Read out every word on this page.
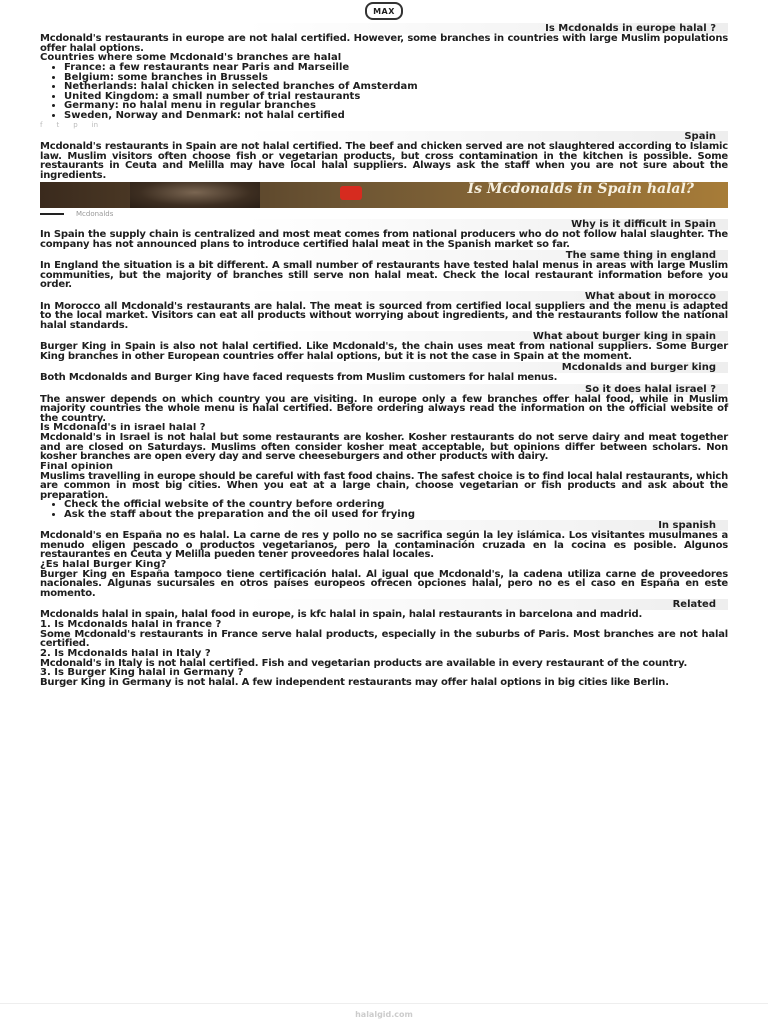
MAX
Is Mcdonalds in europe halal ?

Mcdonald's restaurants in europe are not halal certified. However, some branches in countries with large Muslim populations offer halal options.

Countries where some Mcdonald's branches are halal
• France: a few restaurants near Paris and Marseille
• Belgium: some branches in Brussels
• Netherlands: halal chicken in selected branches of Amsterdam
• United Kingdom: a small number of trial restaurants
• Germany: no halal menu in regular branches
• Sweden, Norway and Denmark: not halal certified
f t p in
Spain

Mcdonald's restaurants in Spain are not halal certified. The beef and chicken served are not slaughtered according to Islamic law. Muslim visitors often choose fish or vegetarian products, but cross contamination in the kitchen is possible. Some restaurants in Ceuta and Melilla may have local halal suppliers. Always ask the staff when you are not sure about the ingredients.

Is Mcdonalds in Spain halal?
Mcdonalds
Why is it difficult in Spain

In Spain the supply chain is centralized and most meat comes from national producers who do not follow halal slaughter. The company has not announced plans to introduce certified halal meat in the Spanish market so far.

The same thing in england

In England the situation is a bit different. A small number of restaurants have tested halal menus in areas with large Muslim communities, but the majority of branches still serve non halal meat. Check the local restaurant information before you order.

What about in morocco

In Morocco all Mcdonald's restaurants are halal. The meat is sourced from certified local suppliers and the menu is adapted to the local market. Visitors can eat all products without worrying about ingredients, and the restaurants follow the national halal standards.

What about burger king in spain

Burger King in Spain is also not halal certified. Like Mcdonald's, the chain uses meat from national suppliers. Some Burger King branches in other European countries offer halal options, but it is not the case in Spain at the moment.

Mcdonalds and burger king

Both Mcdonalds and Burger King have faced requests from Muslim customers for halal menus.

So it does halal israel ?

The answer depends on which country you are visiting. In europe only a few branches offer halal food, while in Muslim majority countries the whole menu is halal certified. Before ordering always read the information on the official website of the country.

Is Mcdonald's in israel halal ?

Mcdonald's in Israel is not halal but some restaurants are kosher. Kosher restaurants do not serve dairy and meat together and are closed on Saturdays. Muslims often consider kosher meat acceptable, but opinions differ between scholars. Non kosher branches are open every day and serve cheeseburgers and other products with dairy.

Final opinion

Muslims travelling in europe should be careful with fast food chains. The safest choice is to find local halal restaurants, which are common in most big cities. When you eat at a large chain, choose vegetarian or fish products and ask about the preparation.

• Check the official website of the country before ordering
• Ask the staff about the preparation and the oil used for frying
In spanish

Mcdonald's en España no es halal. La carne de res y pollo no se sacrifica según la ley islámica. Los visitantes musulmanes a menudo eligen pescado o productos vegetarianos, pero la contaminación cruzada en la cocina es posible. Algunos restaurantes en Ceuta y Melilla pueden tener proveedores halal locales.

¿Es halal Burger King?

Burger King en España tampoco tiene certificación halal. Al igual que Mcdonald's, la cadena utiliza carne de proveedores nacionales. Algunas sucursales en otros países europeos ofrecen opciones halal, pero no es el caso en España en este momento.

Related

Mcdonalds halal in spain, halal food in europe, is kfc halal in spain, halal restaurants in barcelona and madrid.

1. Is Mcdonalds halal in france ?

Some Mcdonald's restaurants in France serve halal products, especially in the suburbs of Paris. Most branches are not halal certified.

2. Is Mcdonalds halal in Italy ?

Mcdonald's in Italy is not halal certified. Fish and vegetarian products are available in every restaurant of the country.

3. Is Burger King halal in Germany ?

Burger King in Germany is not halal. A few independent restaurants may offer halal options in big cities like Berlin.

halalgid.com
